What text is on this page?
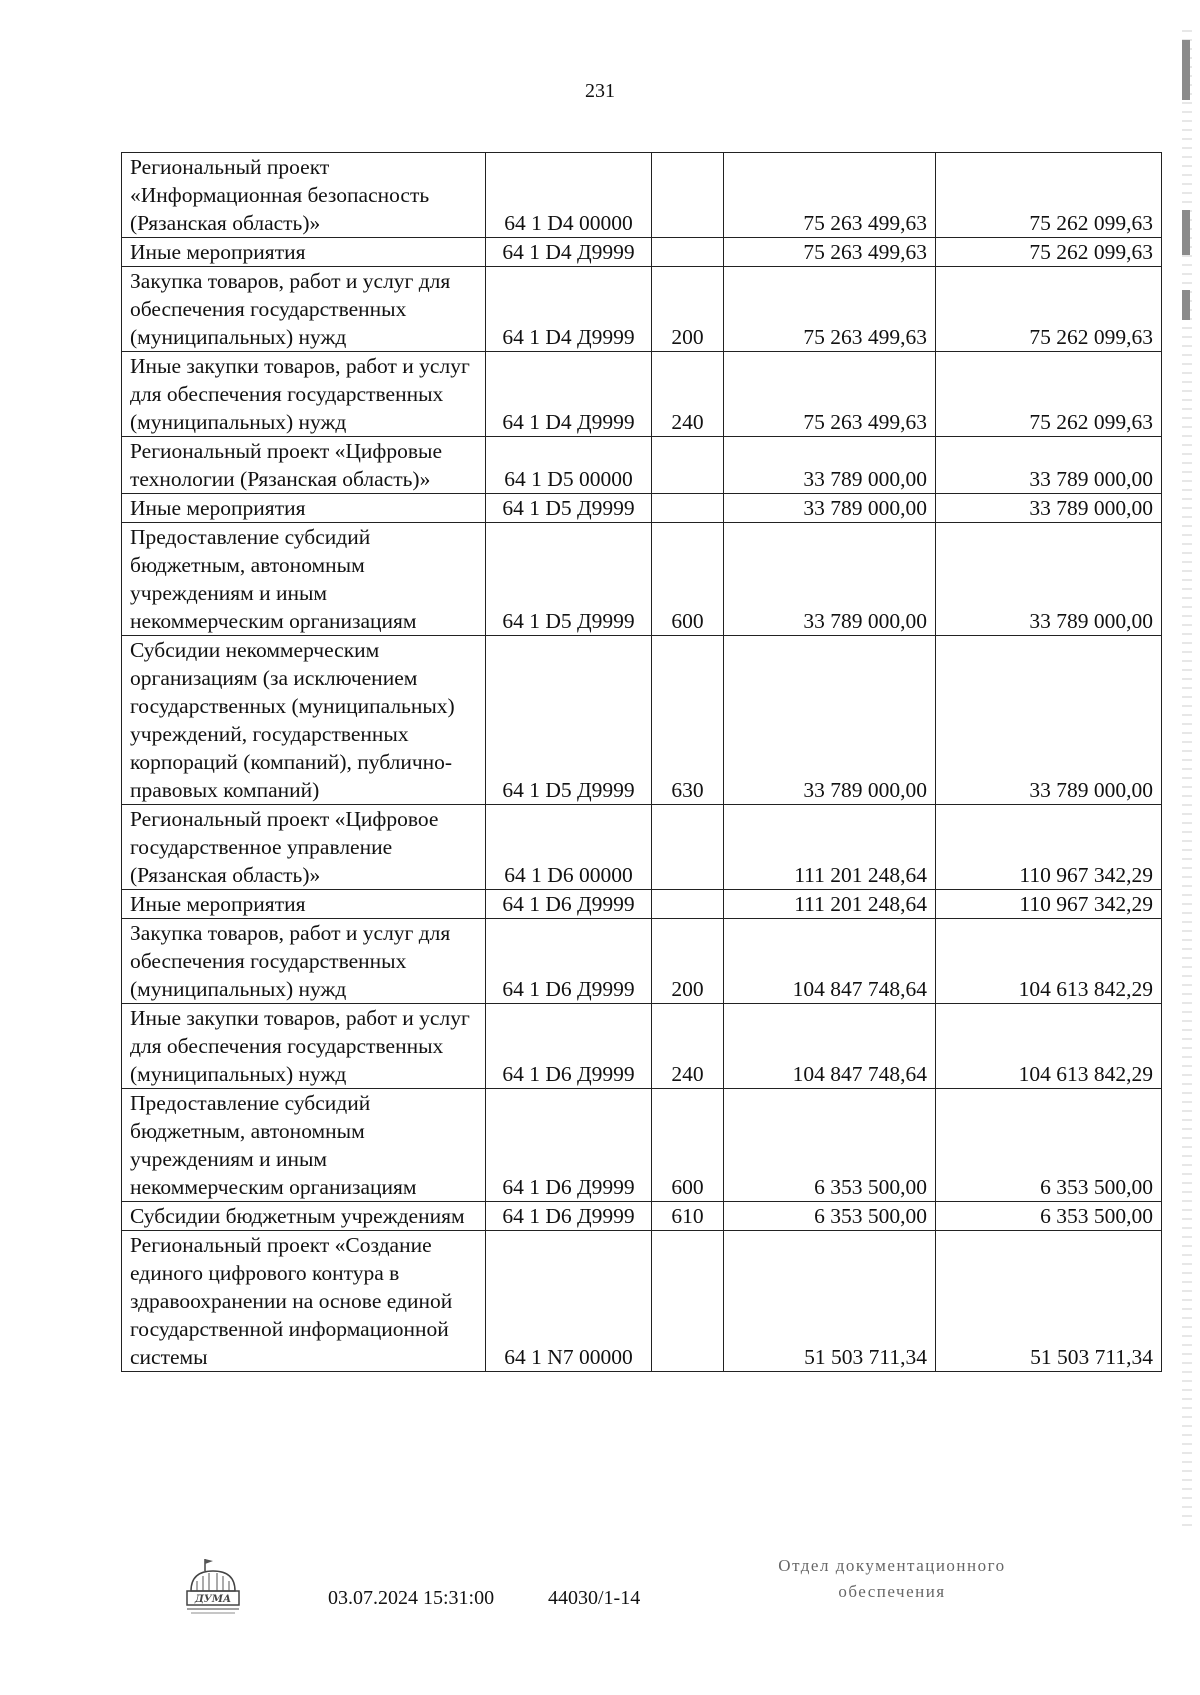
231
Региональный проект «Информационная безопасность (Рязанская область)»	64 1 D4 00000		75 263 499,63	75 262 099,63
Иные мероприятия	64 1 D4 Д9999		75 263 499,63	75 262 099,63
Закупка товаров, работ и услуг для обеспечения государственных (муниципальных) нужд	64 1 D4 Д9999	200	75 263 499,63	75 262 099,63
Иные закупки товаров, работ и услуг для обеспечения государственных (муниципальных) нужд	64 1 D4 Д9999	240	75 263 499,63	75 262 099,63
Региональный проект «Цифровые технологии (Рязанская область)»	64 1 D5 00000		33 789 000,00	33 789 000,00
Иные мероприятия	64 1 D5 Д9999		33 789 000,00	33 789 000,00
Предоставление субсидий бюджетным, автономным учреждениям и иным некоммерческим организациям	64 1 D5 Д9999	600	33 789 000,00	33 789 000,00
Субсидии некоммерческим организациям (за исключением государственных (муниципальных) учреждений, государственных корпораций (компаний), публично-правовых компаний)	64 1 D5 Д9999	630	33 789 000,00	33 789 000,00
Региональный проект «Цифровое государственное управление (Рязанская область)»	64 1 D6 00000		111 201 248,64	110 967 342,29
Иные мероприятия	64 1 D6 Д9999		111 201 248,64	110 967 342,29
Закупка товаров, работ и услуг для обеспечения государственных (муниципальных) нужд	64 1 D6 Д9999	200	104 847 748,64	104 613 842,29
Иные закупки товаров, работ и услуг для обеспечения государственных (муниципальных) нужд	64 1 D6 Д9999	240	104 847 748,64	104 613 842,29
Предоставление субсидий бюджетным, автономным учреждениям и иным некоммерческим организациям	64 1 D6 Д9999	600	6 353 500,00	6 353 500,00
Субсидии бюджетным учреждениям	64 1 D6 Д9999	610	6 353 500,00	6 353 500,00
Региональный проект «Создание единого цифрового контура в здравоохранении на основе единой государственной информационной системы	64 1 N7 00000		51 503 711,34	51 503 711,34
ДУМА	03.07.2024 15:31:00	44030/1-14
Отдел документационного
обеспечения
